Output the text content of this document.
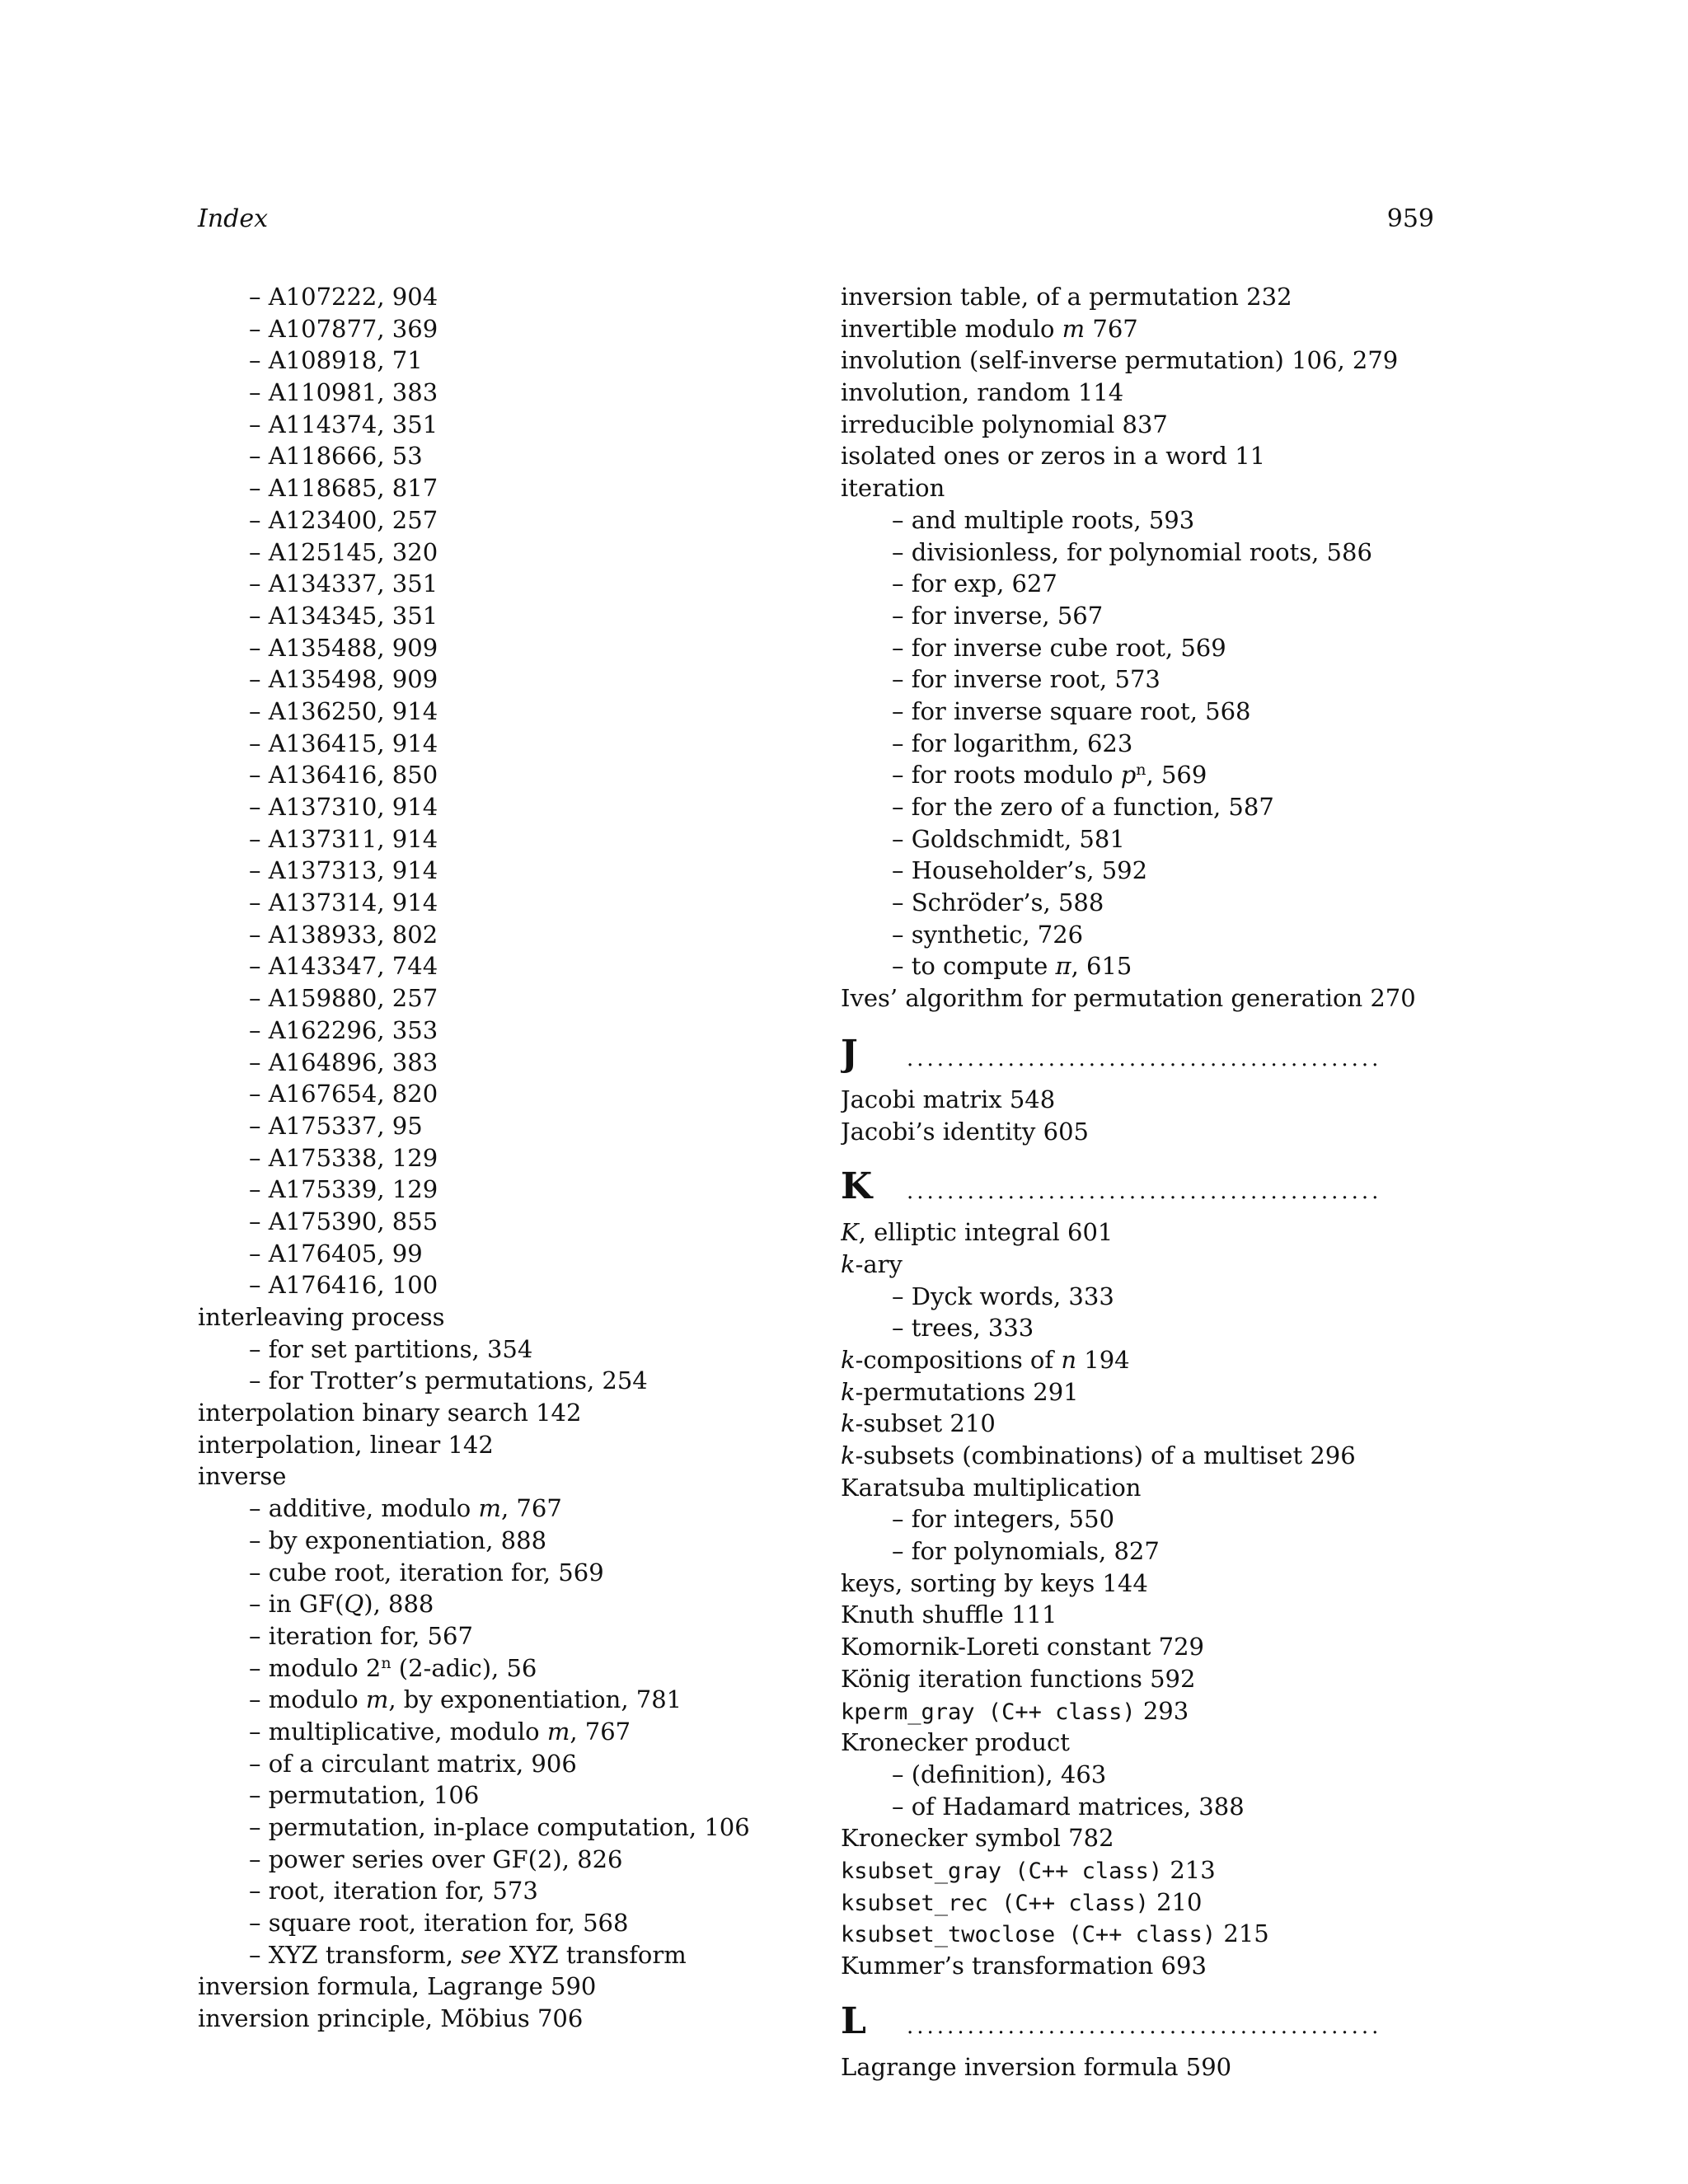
Index	959
– A107222, 904
– A107877, 369
– A108918, 71
– A110981, 383
– A114374, 351
– A118666, 53
– A118685, 817
– A123400, 257
– A125145, 320
– A134337, 351
– A134345, 351
– A135488, 909
– A135498, 909
– A136250, 914
– A136415, 914
– A136416, 850
– A137310, 914
– A137311, 914
– A137313, 914
– A137314, 914
– A138933, 802
– A143347, 744
– A159880, 257
– A162296, 353
– A164896, 383
– A167654, 820
– A175337, 95
– A175338, 129
– A175339, 129
– A175390, 855
– A176405, 99
– A176416, 100
interleaving process
– for set partitions, 354
– for Trotter’s permutations, 254
interpolation binary search 142
interpolation, linear 142
inverse
– additive, modulo m, 767
– by exponentiation, 888
– cube root, iteration for, 569
– in GF(Q), 888
– iteration for, 567
– modulo 2$^n$ (2-adic), 56
– modulo m, by exponentiation, 781
– multiplicative, modulo m, 767
– of a circulant matrix, 906
– permutation, 106
– permutation, in-place computation, 106
– power series over GF(2), 826
– root, iteration for, 573
– square root, iteration for, 568
– XYZ transform, see XYZ transform
inversion formula, Lagrange 590
inversion principle, Möbius 706
inversion table, of a permutation 232
invertible modulo m 767
involution (self-inverse permutation) 106, 279
involution, random 114
irreducible polynomial 837
isolated ones or zeros in a word 11
iteration
– and multiple roots, 593
– divisionless, for polynomial roots, 586
– for exp, 627
– for inverse, 567
– for inverse cube root, 569
– for inverse root, 573
– for inverse square root, 568
– for logarithm, 623
– for roots modulo $p^n$, 569
– for the zero of a function, 587
– Goldschmidt, 581
– Householder’s, 592
– Schröder’s, 588
– synthetic, 726
– to compute π, 615
Ives’ algorithm for permutation generation 270
J ...............................................
Jacobi matrix 548
Jacobi’s identity 605
K ...............................................
K, elliptic integral 601
k-ary
– Dyck words, 333
– trees, 333
k-compositions of n 194
k-permutations 291
k-subset 210
k-subsets (combinations) of a multiset 296
Karatsuba multiplication
– for integers, 550
– for polynomials, 827
keys, sorting by keys 144
Knuth shuffle 111
Komornik-Loreti constant 729
König iteration functions 592
kperm_gray (C++ class) 293
Kronecker product
– (definition), 463
– of Hadamard matrices, 388
Kronecker symbol 782
ksubset_gray (C++ class) 213
ksubset_rec (C++ class) 210
ksubset_twoclose (C++ class) 215
Kummer’s transformation 693
L ...............................................
Lagrange inversion formula 590
